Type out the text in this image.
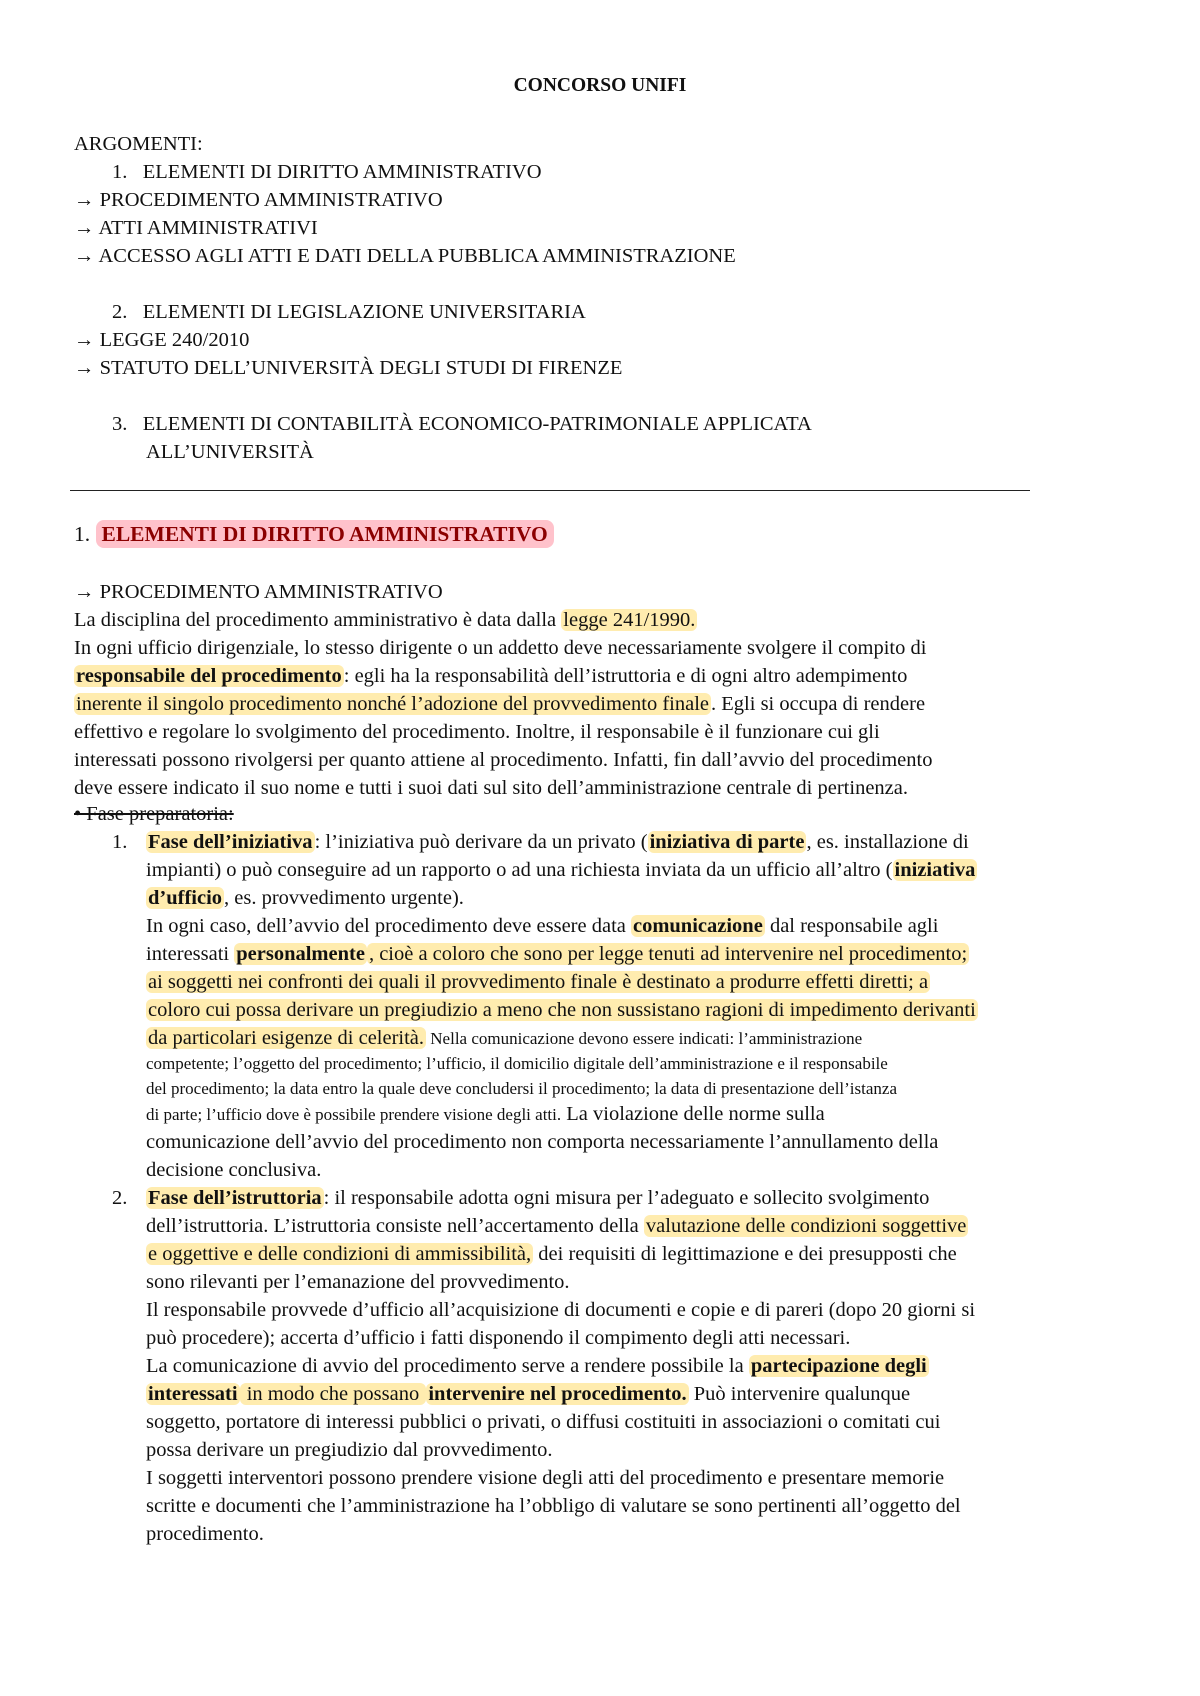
CONCORSO UNIFI

ARGOMENTI:

1. ELEMENTI DI DIRITTO AMMINISTRATIVO

→ PROCEDIMENTO AMMINISTRATIVO

→ ATTI AMMINISTRATIVI

→ ACCESSO AGLI ATTI E DATI DELLA PUBBLICA AMMINISTRAZIONE

2. ELEMENTI DI LEGISLAZIONE UNIVERSITARIA

→ LEGGE 240/2010

→ STATUTO DELL’UNIVERSITÀ DEGLI STUDI DI FIRENZE

3. ELEMENTI DI CONTABILITÀ ECONOMICO-PATRIMONIALE APPLICATA

ALL’UNIVERSITÀ

1. ELEMENTI DI DIRITTO AMMINISTRATIVO

→ PROCEDIMENTO AMMINISTRATIVO

La disciplina del procedimento amministrativo è data dalla legge 241/1990.

In ogni ufficio dirigenziale, lo stesso dirigente o un addetto deve necessariamente svolgere il compito di

responsabile del procedimento: egli ha la responsabilità dell’istruttoria e di ogni altro adempimento

inerente il singolo procedimento nonché l’adozione del provvedimento finale. Egli si occupa di rendere

effettivo e regolare lo svolgimento del procedimento. Inoltre, il responsabile è il funzionare cui gli

interessati possono rivolgersi per quanto attiene al procedimento. Infatti, fin dall’avvio del procedimento

deve essere indicato il suo nome e tutti i suoi dati sul sito dell’amministrazione centrale di pertinenza.

• Fase preparatoria:

1. Fase dell’iniziativa: l’iniziativa può derivare da un privato (iniziativa di parte, es. installazione di

impianti) o può conseguire ad un rapporto o ad una richiesta inviata da un ufficio all’altro (iniziativa

d’ufficio, es. provvedimento urgente).

In ogni caso, dell’avvio del procedimento deve essere data comunicazione dal responsabile agli

interessati personalmente , cioè a coloro che sono per legge tenuti ad intervenire nel procedimento;

ai soggetti nei confronti dei quali il provvedimento finale è destinato a produrre effetti diretti; a

coloro cui possa derivare un pregiudizio a meno che non sussistano ragioni di impedimento derivanti

da particolari esigenze di celerità. Nella comunicazione devono essere indicati: l’amministrazione

competente; l’oggetto del procedimento; l’ufficio, il domicilio digitale dell’amministrazione e il responsabile

del procedimento; la data entro la quale deve concludersi il procedimento; la data di presentazione dell’istanza

di parte; l’ufficio dove è possibile prendere visione degli atti. La violazione delle norme sulla

comunicazione dell’avvio del procedimento non comporta necessariamente l’annullamento della

decisione conclusiva.

2. Fase dell’istruttoria: il responsabile adotta ogni misura per l’adeguato e sollecito svolgimento

dell’istruttoria. L’istruttoria consiste nell’accertamento della valutazione delle condizioni soggettive

e oggettive e delle condizioni di ammissibilità, dei requisiti di legittimazione e dei presupposti che

sono rilevanti per l’emanazione del provvedimento.

Il responsabile provvede d’ufficio all’acquisizione di documenti e copie e di pareri (dopo 20 giorni si

può procedere); accerta d’ufficio i fatti disponendo il compimento degli atti necessari.

La comunicazione di avvio del procedimento serve a rendere possibile la partecipazione degli

interessati in modo che possano intervenire nel procedimento. Può intervenire qualunque

soggetto, portatore di interessi pubblici o privati, o diffusi costituiti in associazioni o comitati cui

possa derivare un pregiudizio dal provvedimento.

I soggetti interventori possono prendere visione degli atti del procedimento e presentare memorie

scritte e documenti che l’amministrazione ha l’obbligo di valutare se sono pertinenti all’oggetto del

procedimento.
